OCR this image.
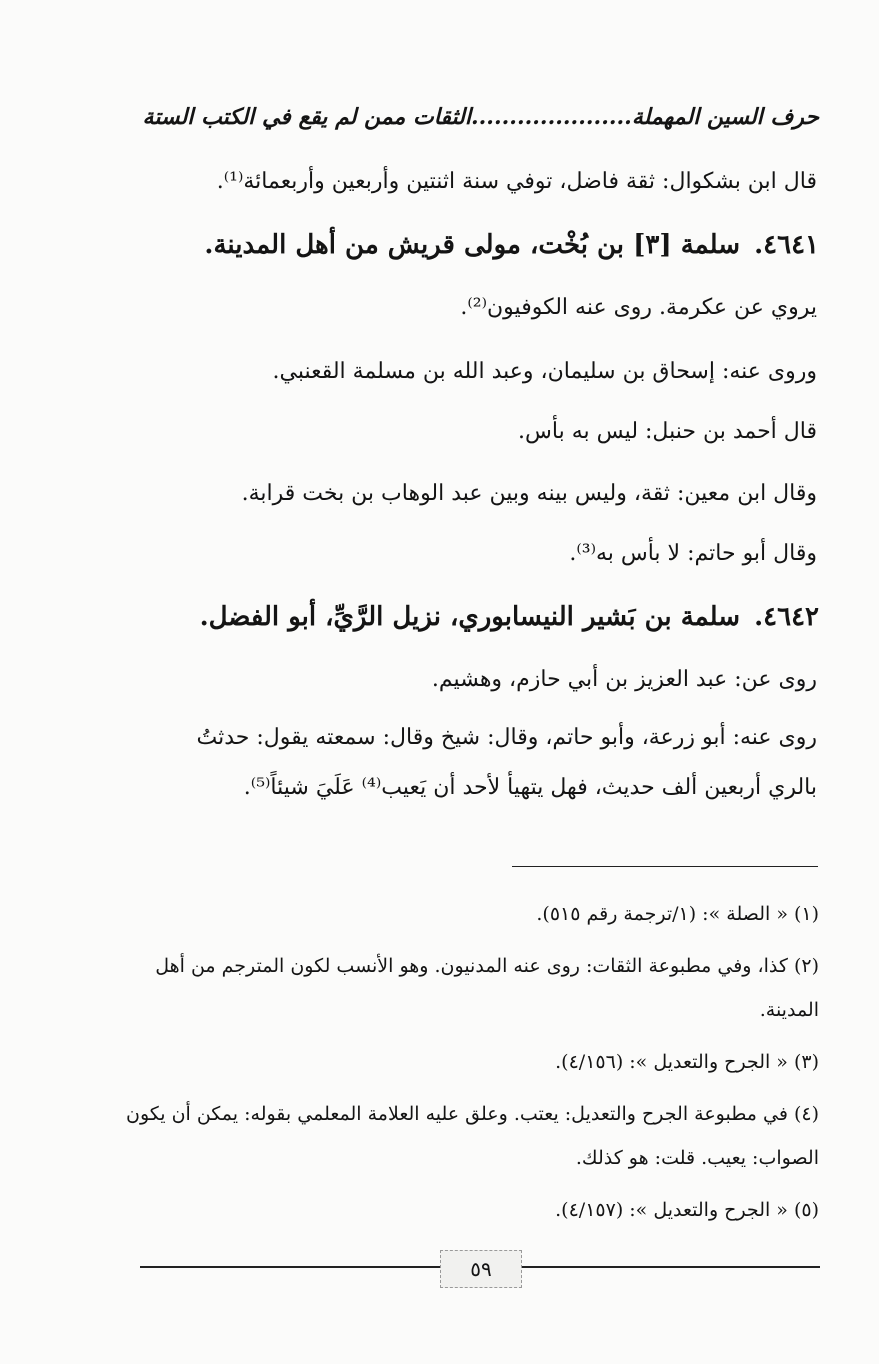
حرف السين المهملة.....................الثقات ممن لم يقع في الكتب الستة
قال ابن بشكوال: ثقة فاضل، توفي سنة اثنتين وأربعين وأربعمائة⁽¹⁾.
٤٦٤١.سلمة [٣] بن بُخْت، مولى قريش من أهل المدينة.
يروي عن عكرمة. روى عنه الكوفيون⁽²⁾.
وروى عنه: إسحاق بن سليمان، وعبد الله بن مسلمة القعنبي.
قال أحمد بن حنبل: ليس به بأس.
وقال ابن معين: ثقة، وليس بينه وبين عبد الوهاب بن بخت قرابة.
وقال أبو حاتم: لا بأس به⁽³⁾.
٤٦٤٢.سلمة بن بَشير النيسابوري، نزيل الرَّيِّ، أبو الفضل.
روى عن: عبد العزيز بن أبي حازم، وهشيم.
روى عنه: أبو زرعة، وأبو حاتم، وقال: شيخ وقال: سمعته يقول: حدثتُ
بالري أربعين ألف حديث، فهل يتهيأ لأحد أن يَعيب⁽⁴⁾ عَلَيَ شيئاً⁽⁵⁾.
(١)« الصلة »: (١/ترجمة رقم ٥١٥).
(٢)كذا، وفي مطبوعة الثقات: روى عنه المدنيون. وهو الأنسب لكون المترجم من أهل المدينة.
(٣)« الجرح والتعديل »: (٤/١٥٦).
(٤)في مطبوعة الجرح والتعديل: يعتب. وعلق عليه العلامة المعلمي بقوله: يمكن أن يكون الصواب: يعيب. قلت: هو كذلك.
(٥)« الجرح والتعديل »: (٤/١٥٧).
٥٩
